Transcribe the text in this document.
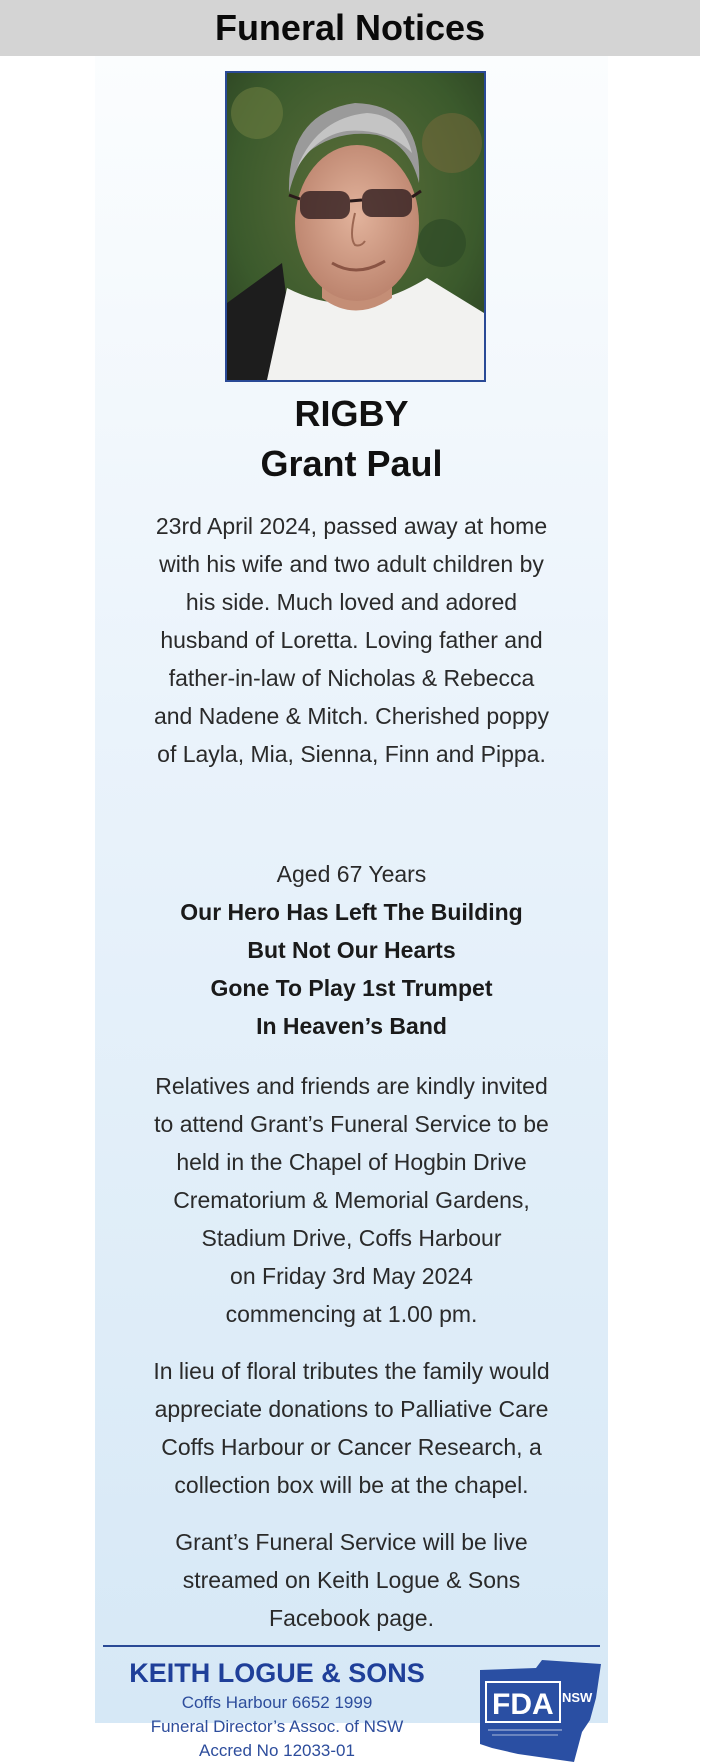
Funeral Notices
RIGBY
Grant Paul
23rd April 2024, passed away at home
with his wife and two adult children by
his side. Much loved and adored
husband of Loretta. Loving father and
father-in-law of Nicholas & Rebecca
and Nadene & Mitch. Cherished poppy
of Layla, Mia, Sienna, Finn and Pippa.
Aged 67 Years
Our Hero Has Left The Building
But Not Our Hearts
Gone To Play 1st Trumpet
In Heaven’s Band
Relatives and friends are kindly invited
to attend Grant’s Funeral Service to be
held in the Chapel of Hogbin Drive
Crematorium & Memorial Gardens,
Stadium Drive, Coffs Harbour
on Friday 3rd May 2024
commencing at 1.00 pm.
In lieu of floral tributes the family would
appreciate donations to Palliative Care
Coffs Harbour or Cancer Research, a
collection box will be at the chapel.
Grant’s Funeral Service will be live
streamed on Keith Logue & Sons
Facebook page.
KEITH LOGUE & SONS
Coffs Harbour 6652 1999
Funeral Director’s Assoc. of NSW
Accred No 12033-01
FDA NSW
